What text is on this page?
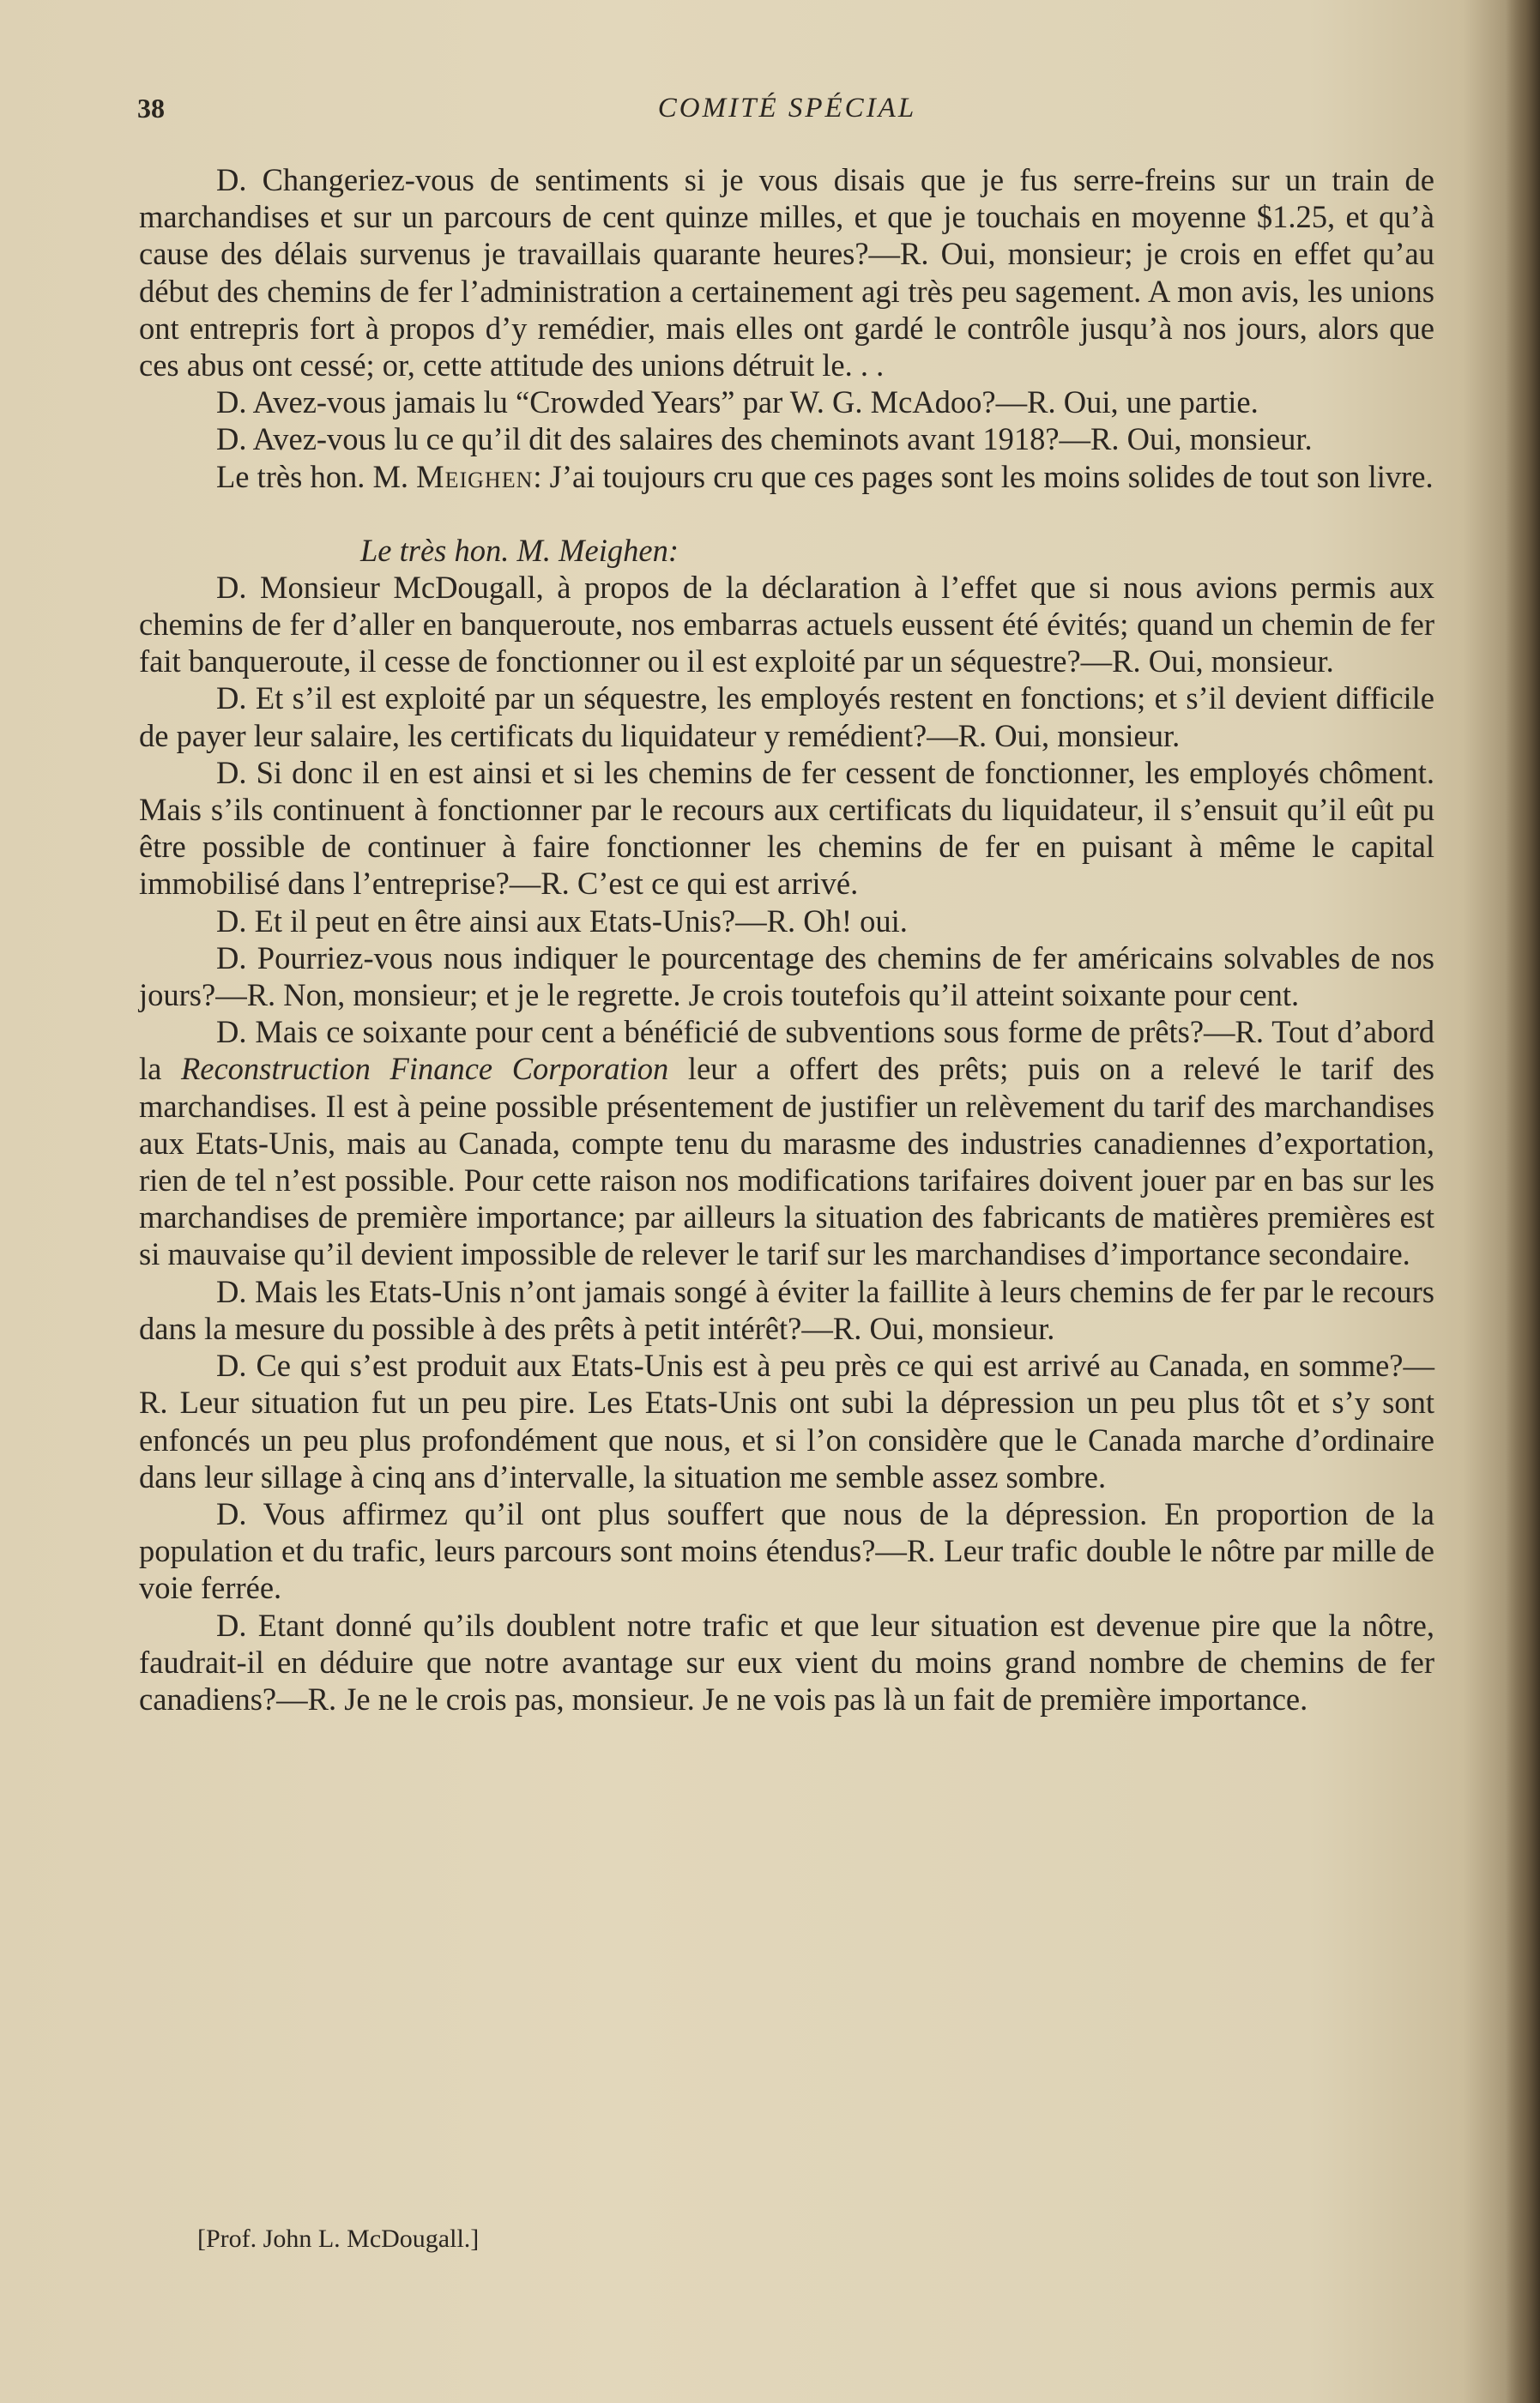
38	COMITÉ SPÉCIAL

D. Changeriez-vous de sentiments si je vous disais que je fus serre-freins sur un train de marchandises et sur un parcours de cent quinze milles, et que je touchais en moyenne $1.25, et qu’à cause des délais survenus je travaillais quarante heures?—R. Oui, monsieur; je crois en effet qu’au début des chemins de fer l’administration a certainement agi très peu sagement. A mon avis, les unions ont entrepris fort à propos d’y remédier, mais elles ont gardé le contrôle jusqu’à nos jours, alors que ces abus ont cessé; or, cette attitude des unions détruit le. . .

D. Avez-vous jamais lu “Crowded Years” par W. G. McAdoo?—R. Oui, une partie.

D. Avez-vous lu ce qu’il dit des salaires des cheminots avant 1918?—R. Oui, monsieur.

Le très hon. M. Meighen: J’ai toujours cru que ces pages sont les moins solides de tout son livre.

Le très hon. M. Meighen:

D. Monsieur McDougall, à propos de la déclaration à l’effet que si nous avions permis aux chemins de fer d’aller en banqueroute, nos embarras actuels eussent été évités; quand un chemin de fer fait banqueroute, il cesse de fonctionner ou il est exploité par un séquestre?—R. Oui, monsieur.

D. Et s’il est exploité par un séquestre, les employés restent en fonctions; et s’il devient difficile de payer leur salaire, les certificats du liquidateur y remédient?—R. Oui, monsieur.

D. Si donc il en est ainsi et si les chemins de fer cessent de fonctionner, les employés chôment. Mais s’ils continuent à fonctionner par le recours aux certificats du liquidateur, il s’ensuit qu’il eût pu être possible de continuer à faire fonctionner les chemins de fer en puisant à même le capital immobilisé dans l’entreprise?—R. C’est ce qui est arrivé.

D. Et il peut en être ainsi aux Etats-Unis?—R. Oh! oui.

D. Pourriez-vous nous indiquer le pourcentage des chemins de fer américains solvables de nos jours?—R. Non, monsieur; et je le regrette. Je crois toutefois qu’il atteint soixante pour cent.

D. Mais ce soixante pour cent a bénéficié de subventions sous forme de prêts?—R. Tout d’abord la Reconstruction Finance Corporation leur a offert des prêts; puis on a relevé le tarif des marchandises. Il est à peine possible présentement de justifier un relèvement du tarif des marchandises aux Etats-Unis, mais au Canada, compte tenu du marasme des industries canadiennes d’exportation, rien de tel n’est possible. Pour cette raison nos modifications tarifaires doivent jouer par en bas sur les marchandises de première importance; par ailleurs la situation des fabricants de matières premières est si mauvaise qu’il devient impossible de relever le tarif sur les marchandises d’importance secondaire.

D. Mais les Etats-Unis n’ont jamais songé à éviter la faillite à leurs chemins de fer par le recours dans la mesure du possible à des prêts à petit intérêt?—R. Oui, monsieur.

D. Ce qui s’est produit aux Etats-Unis est à peu près ce qui est arrivé au Canada, en somme?—R. Leur situation fut un peu pire. Les Etats-Unis ont subi la dépression un peu plus tôt et s’y sont enfoncés un peu plus profondément que nous, et si l’on considère que le Canada marche d’ordinaire dans leur sillage à cinq ans d’intervalle, la situation me semble assez sombre.

D. Vous affirmez qu’il ont plus souffert que nous de la dépression. En proportion de la population et du trafic, leurs parcours sont moins étendus?—R. Leur trafic double le nôtre par mille de voie ferrée.

D. Etant donné qu’ils doublent notre trafic et que leur situation est devenue pire que la nôtre, faudrait-il en déduire que notre avantage sur eux vient du moins grand nombre de chemins de fer canadiens?—R. Je ne le crois pas, monsieur. Je ne vois pas là un fait de première importance.

[Prof. John L. McDougall.]
